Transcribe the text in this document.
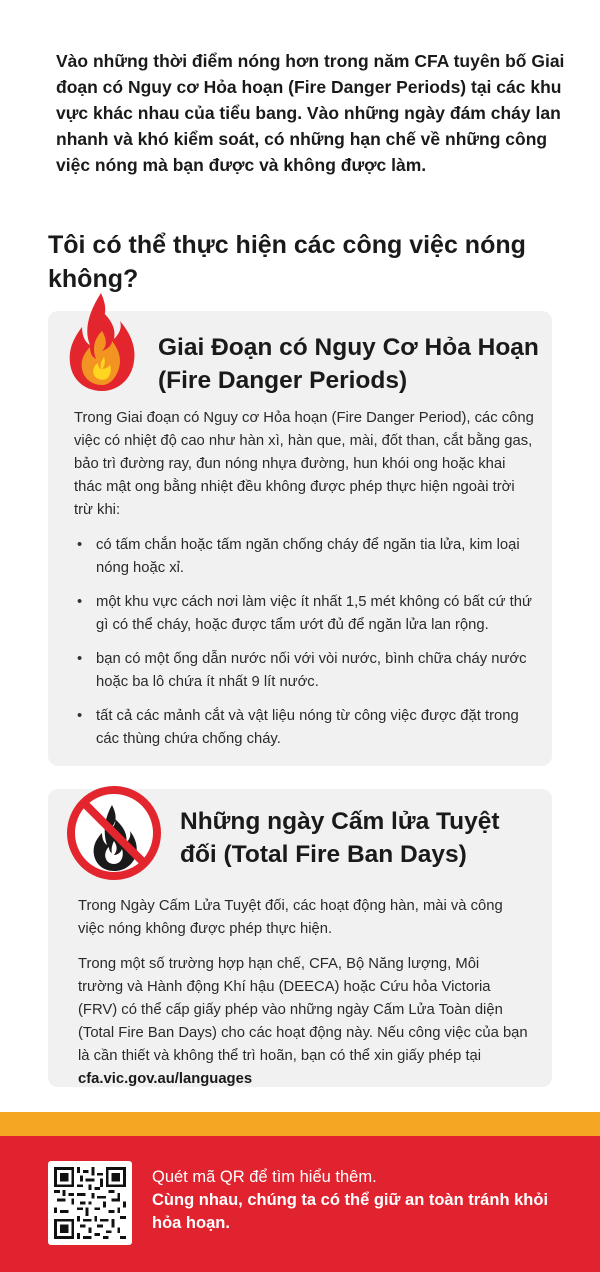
Vào những thời điểm nóng hơn trong năm CFA tuyên bố Giai đoạn có Nguy cơ Hỏa hoạn (Fire Danger Periods) tại các khu vực khác nhau của tiểu bang. Vào những ngày đám cháy lan nhanh và khó kiểm soát, có những hạn chế về những công việc nóng mà bạn được và không được làm.
Tôi có thể thực hiện các công việc nóng không?
Giai Đoạn có Nguy Cơ Hỏa Hoạn (Fire Danger Periods)

Trong Giai đoạn có Nguy cơ Hỏa hoạn (Fire Danger Period), các công việc có nhiệt độ cao như hàn xì, hàn que, mài, đốt than, cắt bằng gas, bảo trì đường ray, đun nóng nhựa đường, hun khói ong hoặc khai thác mật ong bằng nhiệt đều không được phép thực hiện ngoài trời trừ khi:

• có tấm chắn hoặc tấm ngăn chống cháy để ngăn tia lửa, kim loại nóng hoặc xỉ.
• một khu vực cách nơi làm việc ít nhất 1,5 mét không có bất cứ thứ gì có thể cháy, hoặc được tẩm ướt đủ để ngăn lửa lan rộng.
• bạn có một ống dẫn nước nối với vòi nước, bình chữa cháy nước hoặc ba lô chứa ít nhất 9 lít nước.
• tất cả các mảnh cắt và vật liệu nóng từ công việc được đặt trong các thùng chứa chống cháy.
Những ngày Cấm lửa Tuyệt đối (Total Fire Ban Days)

Trong Ngày Cấm Lửa Tuyệt đối, các hoạt động hàn, mài và công việc nóng không được phép thực hiện.

Trong một số trường hợp hạn chế, CFA, Bộ Năng lượng, Môi trường và Hành động Khí hậu (DEECA) hoặc Cứu hỏa Victoria (FRV) có thể cấp giấy phép vào những ngày Cấm Lửa Toàn diện (Total Fire Ban Days) cho các hoạt động này. Nếu công việc của bạn là cần thiết và không thể trì hoãn, bạn có thể xin giấy phép tại cfa.vic.gov.au/languages

Quét mã QR để tìm hiểu thêm.
Cùng nhau, chúng ta có thể giữ an toàn tránh khỏi hỏa hoạn.
